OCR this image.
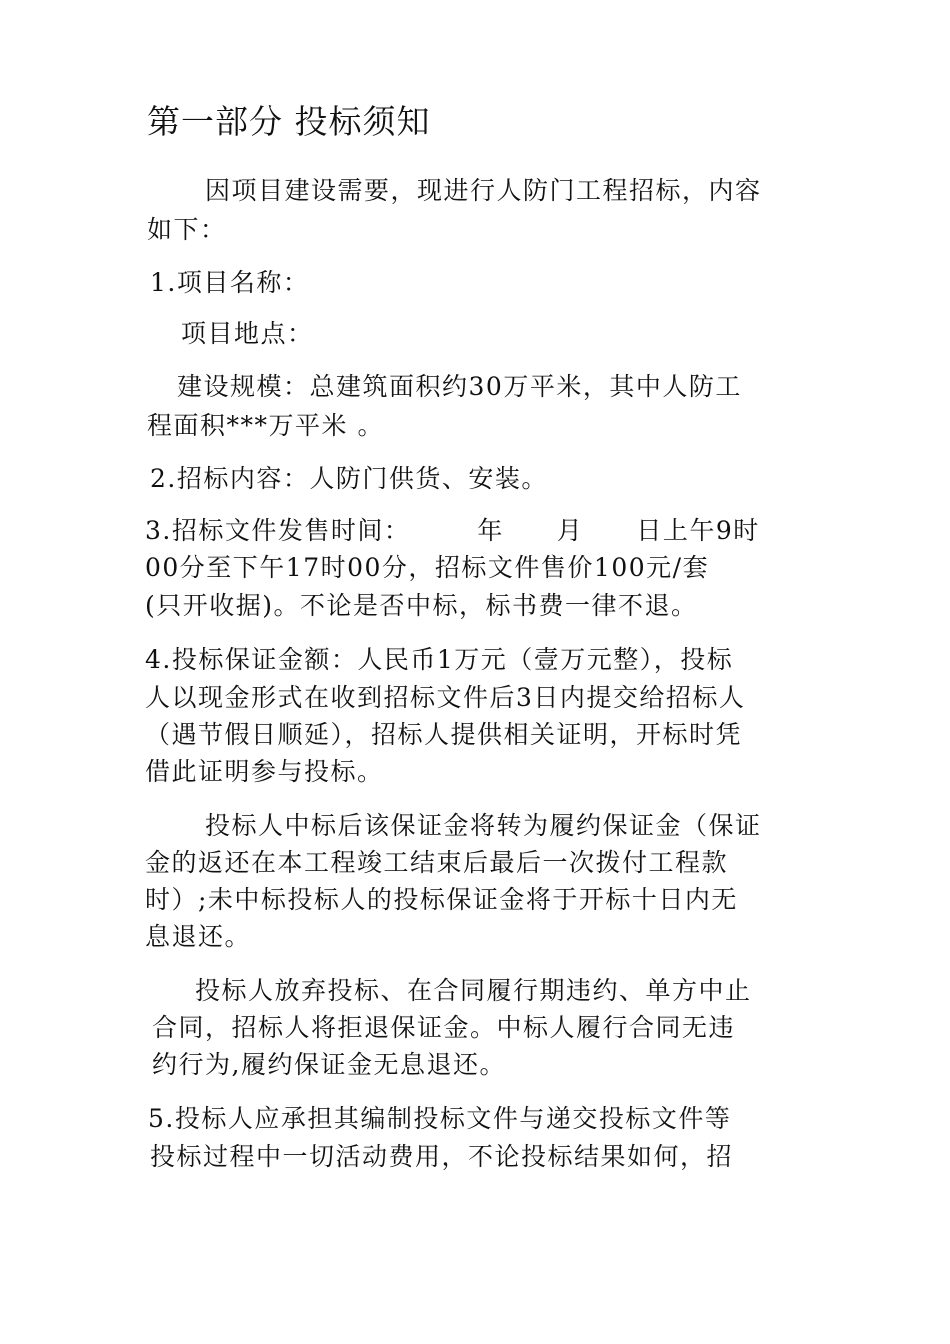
第一部分 投标须知
因项目建设需要，现进行人防门工程招标，内容
如下：
1.项目名称：
项目地点：
建设规模：总建筑面积约30万平米，其中人防工
程面积***万平米 。
2.招标内容：人防门供货、安装。
3.招标文件发售时间：　　　年　　月　　日上午9时
00分至下午17时00分，招标文件售价100元/套
(只开收据)。不论是否中标，标书费一律不退。
4.投标保证金额：人民币1万元（壹万元整），投标
人以现金形式在收到招标文件后3日内提交给招标人
（遇节假日顺延），招标人提供相关证明，开标时凭
借此证明参与投标。
投标人中标后该保证金将转为履约保证金（保证
金的返还在本工程竣工结束后最后一次拨付工程款
时）;未中标投标人的投标保证金将于开标十日内无
息退还。
投标人放弃投标、在合同履行期违约、单方中止
合同，招标人将拒退保证金。中标人履行合同无违
约行为,履约保证金无息退还。
5.投标人应承担其编制投标文件与递交投标文件等
投标过程中一切活动费用，不论投标结果如何，招
